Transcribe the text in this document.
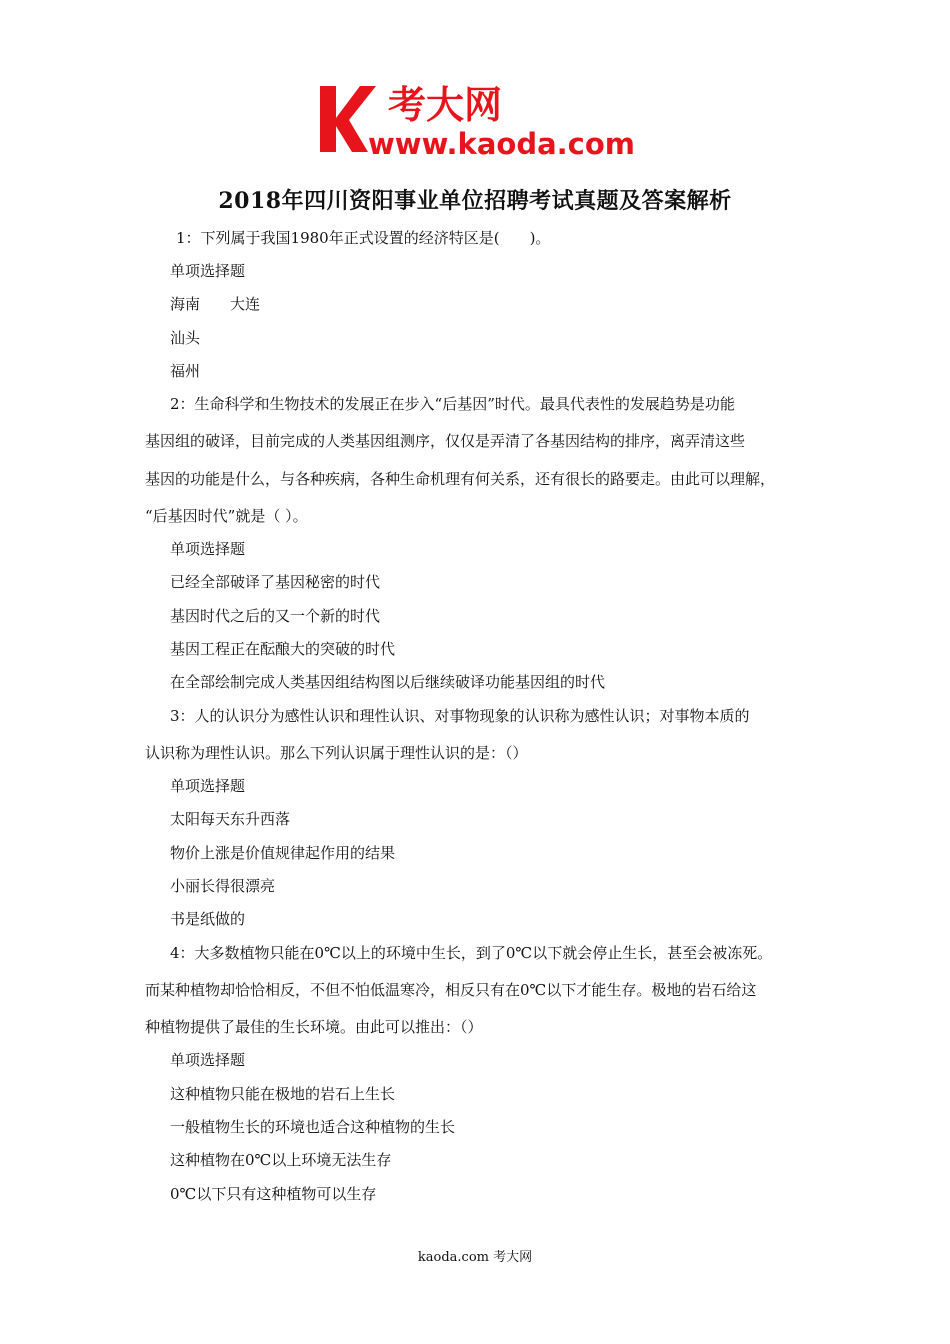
考大网
www.kaoda.com
2018年四川资阳事业单位招聘考试真题及答案解析
1：下列属于我国1980年正式设置的经济特区是(　　)。
单项选择题
海南　　大连
汕头
福州
2：生命科学和生物技术的发展正在步入“后基因”时代。最具代表性的发展趋势是功能
基因组的破译，目前完成的人类基因组测序，仅仅是弄清了各基因结构的排序，离弄清这些
基因的功能是什么，与各种疾病，各种生命机理有何关系，还有很长的路要走。由此可以理解，
“后基因时代”就是（ ）。
单项选择题
已经全部破译了基因秘密的时代
基因时代之后的又一个新的时代
基因工程正在酝酿大的突破的时代
在全部绘制完成人类基因组结构图以后继续破译功能基因组的时代
3：人的认识分为感性认识和理性认识、对事物现象的认识称为感性认识；对事物本质的
认识称为理性认识。那么下列认识属于理性认识的是：（）
单项选择题
太阳每天东升西落
物价上涨是价值规律起作用的结果
小丽长得很漂亮
书是纸做的
4：大多数植物只能在0℃以上的环境中生长，到了0℃以下就会停止生长，甚至会被冻死。
而某种植物却恰恰相反，不但不怕低温寒冷，相反只有在0℃以下才能生存。极地的岩石给这
种植物提供了最佳的生长环境。由此可以推出：（）
单项选择题
这种植物只能在极地的岩石上生长
一般植物生长的环境也适合这种植物的生长
这种植物在0℃以上环境无法生存
0℃以下只有这种植物可以生存
kaoda.com 考大网
